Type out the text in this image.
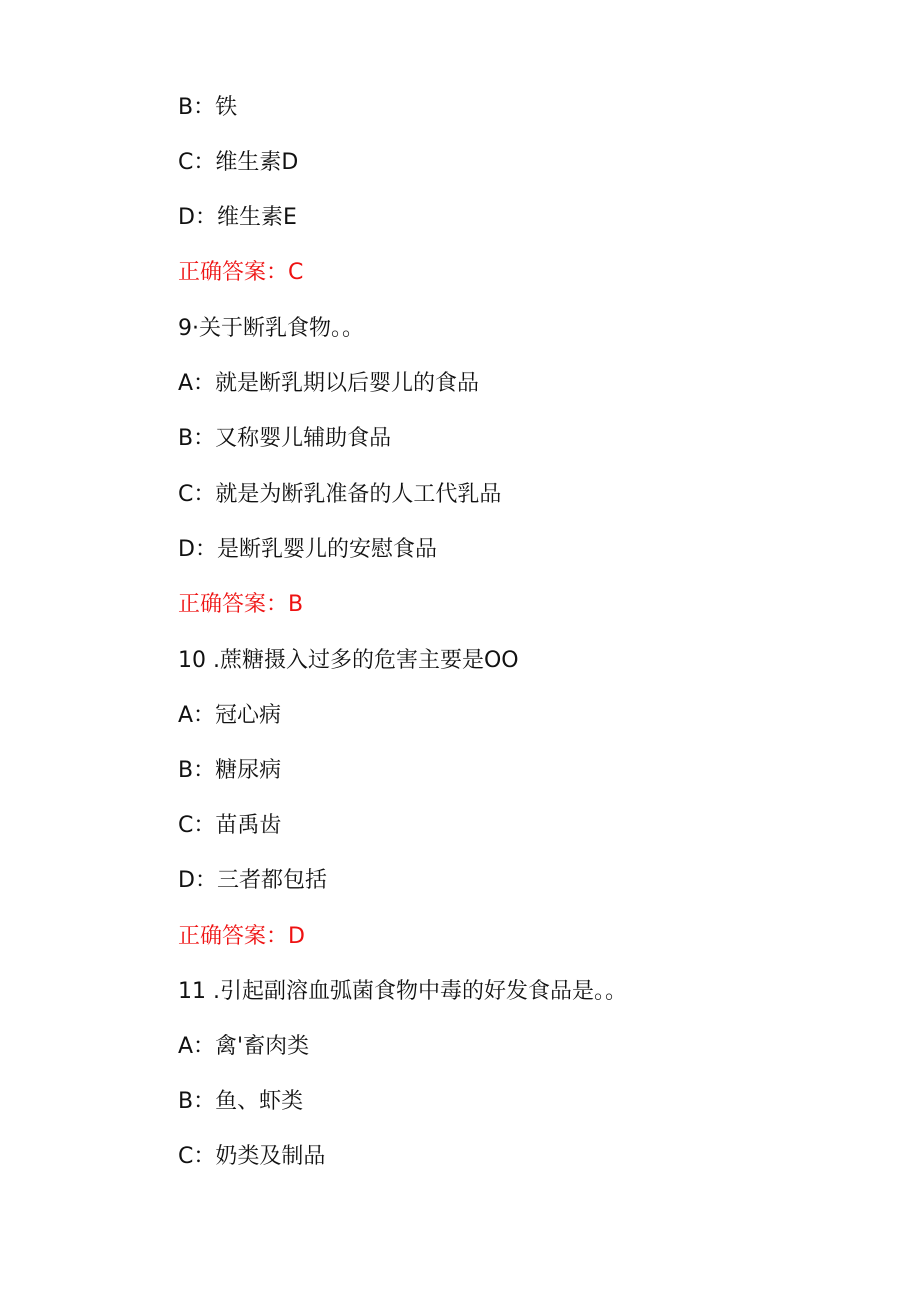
B：铁
C：维生素D
D：维生素E
正确答案：C
9·关于断乳食物。。
A：就是断乳期以后婴儿的食品
B：又称婴儿辅助食品
C：就是为断乳准备的人工代乳品
D：是断乳婴儿的安慰食品
正确答案：B
10 .蔗糖摄入过多的危害主要是OO
A：冠心病
B：糖尿病
C：苗禹齿
D：三者都包括
正确答案：D
11 .引起副溶血弧菌食物中毒的好发食品是。。
A：禽'畜肉类
B：鱼、虾类
C：奶类及制品
